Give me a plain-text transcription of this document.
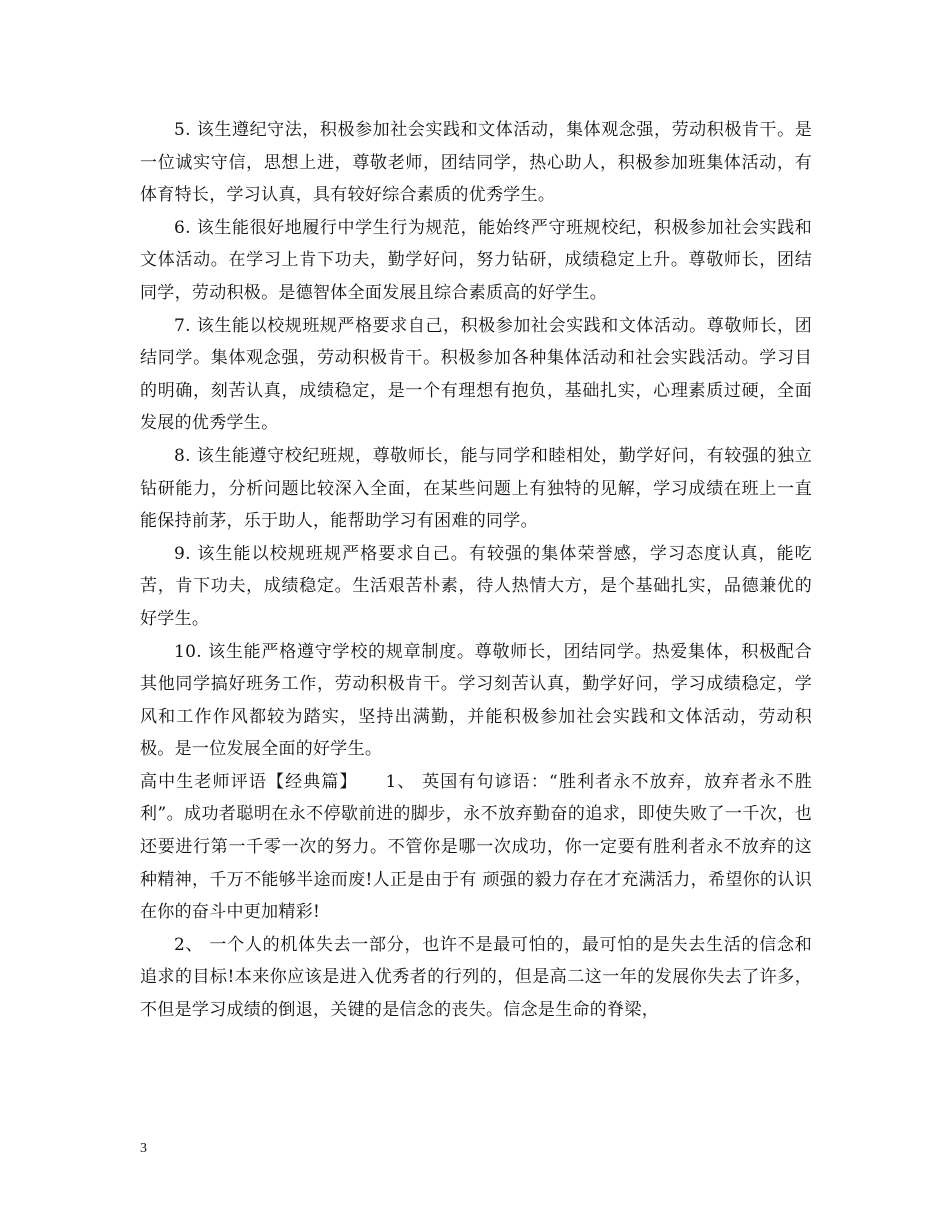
5. 该生遵纪守法，积极参加社会实践和文体活动，集体观念强，劳动积极肯干。是一位诚实守信，思想上进，尊敬老师，团结同学，热心助人，积极参加班集体活动，有体育特长，学习认真，具有较好综合素质的优秀学生。

6. 该生能很好地履行中学生行为规范，能始终严守班规校纪，积极参加社会实践和文体活动。在学习上肯下功夫，勤学好问，努力钻研，成绩稳定上升。尊敬师长，团结同学，劳动积极。是德智体全面发展且综合素质高的好学生。

7. 该生能以校规班规严格要求自己，积极参加社会实践和文体活动。尊敬师长，团结同学。集体观念强，劳动积极肯干。积极参加各种集体活动和社会实践活动。学习目的明确，刻苦认真，成绩稳定，是一个有理想有抱负，基础扎实，心理素质过硬，全面发展的优秀学生。

8. 该生能遵守校纪班规，尊敬师长，能与同学和睦相处，勤学好问，有较强的独立钻研能力，分析问题比较深入全面，在某些问题上有独特的见解，学习成绩在班上一直能保持前茅，乐于助人，能帮助学习有困难的同学。

9. 该生能以校规班规严格要求自己。有较强的集体荣誉感，学习态度认真，能吃苦，肯下功夫，成绩稳定。生活艰苦朴素，待人热情大方，是个基础扎实，品德兼优的好学生。

10. 该生能严格遵守学校的规章制度。尊敬师长，团结同学。热爱集体，积极配合其他同学搞好班务工作，劳动积极肯干。学习刻苦认真，勤学好问，学习成绩稳定，学风和工作作风都较为踏实，坚持出满勤，并能积极参加社会实践和文体活动，劳动积极。是一位发展全面的好学生。

高中生老师评语【经典篇】　　1、 英国有句谚语：“胜利者永不放弃，放弃者永不胜利”。成功者聪明在永不停歇前进的脚步，永不放弃勤奋的追求，即使失败了一千次，也还要进行第一千零一次的努力。不管你是哪一次成功，你一定要有胜利者永不放弃的这种精神，千万不能够半途而废!人正是由于有 顽强的毅力存在才充满活力，希望你的认识在你的奋斗中更加精彩!

2、 一个人的机体失去一部分，也许不是最可怕的，最可怕的是失去生活的信念和追求的目标!本来你应该是进入优秀者的行列的，但是高二这一年的发展你失去了许多，不但是学习成绩的倒退，关键的是信念的丧失。信念是生命的脊梁，

3
